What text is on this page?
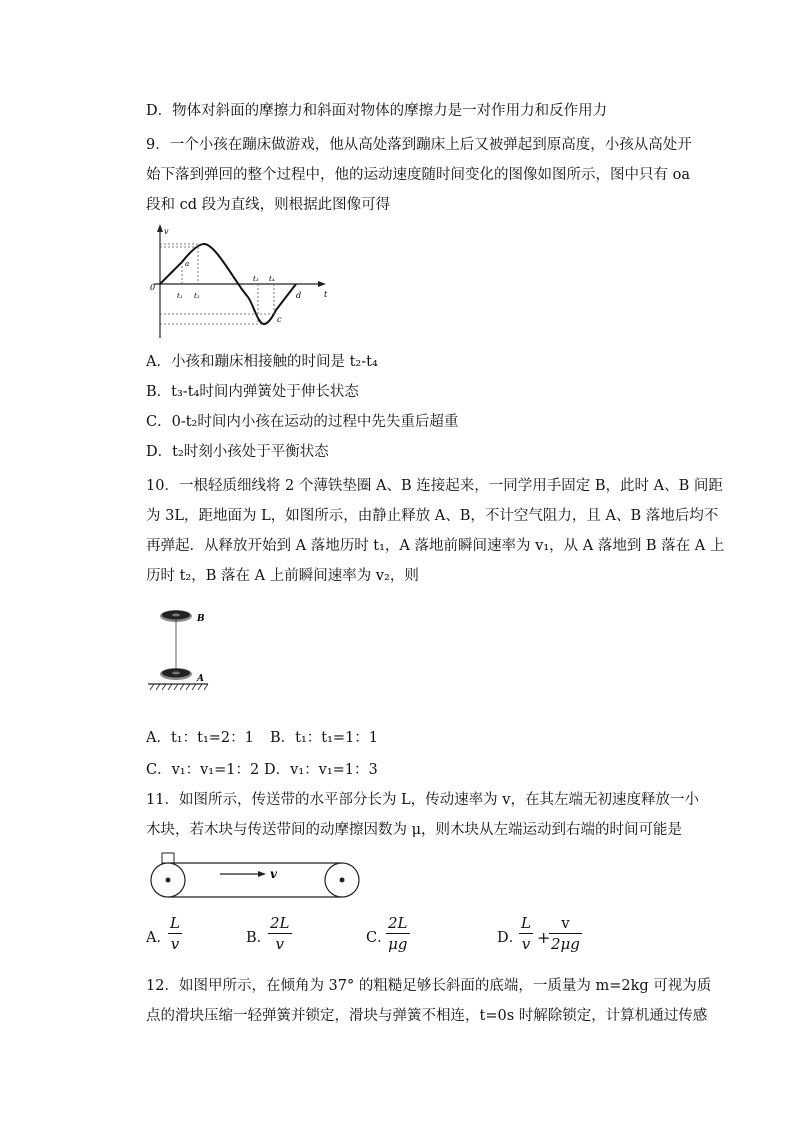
D．物体对斜面的摩擦力和斜面对物体的摩擦力是一对作用力和反作用力
9．一个小孩在蹦床做游戏，他从高处落到蹦床上后又被弹起到原高度，小孩从高处开
始下落到弹回的整个过程中，他的运动速度随时间变化的图像如图所示，图中只有 oa
段和 cd 段为直线，则根据此图像可得
v
0
t
a
t₁ t₂
t₃ t₄
c
d
A．小孩和蹦床相接触的时间是 t₂-t₄
B．t₃-t₄时间内弹簧处于伸长状态
C．0-t₂时间内小孩在运动的过程中先失重后超重
D．t₂时刻小孩处于平衡状态
10．一根轻质细线将 2 个薄铁垫圈 A、B 连接起来，一同学用手固定 B，此时 A、B 间距
为 3L，距地面为 L，如图所示，由静止释放 A、B，不计空气阻力，且 A、B 落地后均不
再弹起．从释放开始到 A 落地历时 t₁，A 落地前瞬间速率为 v₁，从 A 落地到 B 落在 A 上
历时 t₂，B 落在 A 上前瞬间速率为 v₂，则
B
A
A．t₁：t₁=2：1 B．t₁：t₁=1：1
C．v₁：v₁=1：2 D．v₁：v₁=1：3
11．如图所示，传送带的水平部分长为 L，传动速率为 v，在其左端无初速度释放一小
木块，若木块与传送带间的动摩擦因数为 μ，则木块从左端运动到右端的时间可能是
v
A．
L
v	B．
2L
v	C．
2L
μg	D．
L
v +
v
2μg
12．如图甲所示，在倾角为 37° 的粗糙足够长斜面的底端，一质量为 m=2kg 可视为质
点的滑块压缩一轻弹簧并锁定，滑块与弹簧不相连，t=0s 时解除锁定，计算机通过传感
